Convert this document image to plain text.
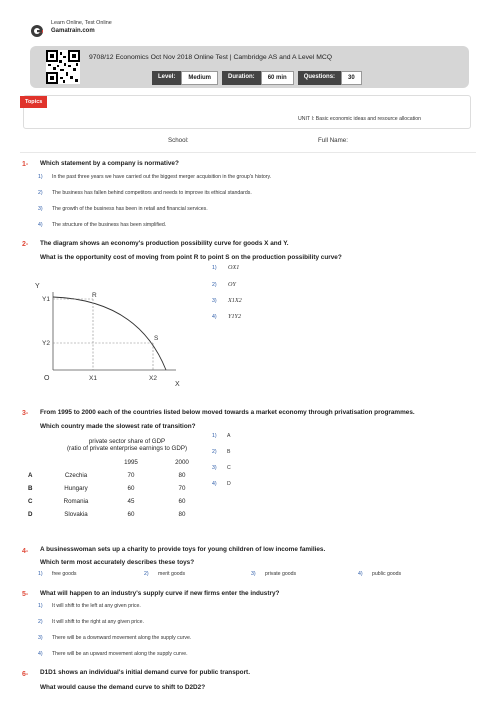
Learn Online, Test Online
Gamatrain.com
9708/12 Economics Oct Nov 2018 Online Test | Cambridge AS and A Level MCQ
Level:	Medium	Duration:	60 min	Questions:	30
Topics
UNIT I: Basic economic ideas and resource allocation
School:	Full Name:
1- Which statement by a company is normative?
1) In the past three years we have carried out the biggest merger acquisition in the group's history.
2) The business has fallen behind competitors and needs to improve its ethical standards.
3) The growth of the business has been in retail and financial services.
4) The structure of the business has been simplified.
2- The diagram shows an economy's production possibility curve for goods X and Y.
What is the opportunity cost of moving from point R to point S on the production possibility curve?
Y
X
O
R
S
Y1
Y2
X1	X2
1) OX1
2) OY
3) X1X2
4) Y1Y2
3- From 1995 to 2000 each of the countries listed below moved towards a market economy through privatisation programmes.
Which country made the slowest rate of transition?
private sector share of GDP
(ratio of private enterprise earnings to GDP)
		1995	2000
A	Czechia	70	80
B	Hungary	60	70
C	Romania	45	60
D	Slovakia	60	80
1) A
2) B
3) C
4) D
4- A businesswoman sets up a charity to provide toys for young children of low income families.
Which term most accurately describes these toys?
1) free goods	2) merit goods	3) private goods	4) public goods
5- What will happen to an industry's supply curve if new firms enter the industry?
1) It will shift to the left at any given price.
2) It will shift to the right at any given price.
3) There will be a downward movement along the supply curve.
4) There will be an upward movement along the supply curve.
6- D1D1 shows an individual's initial demand curve for public transport.
What would cause the demand curve to shift to D2D2?
